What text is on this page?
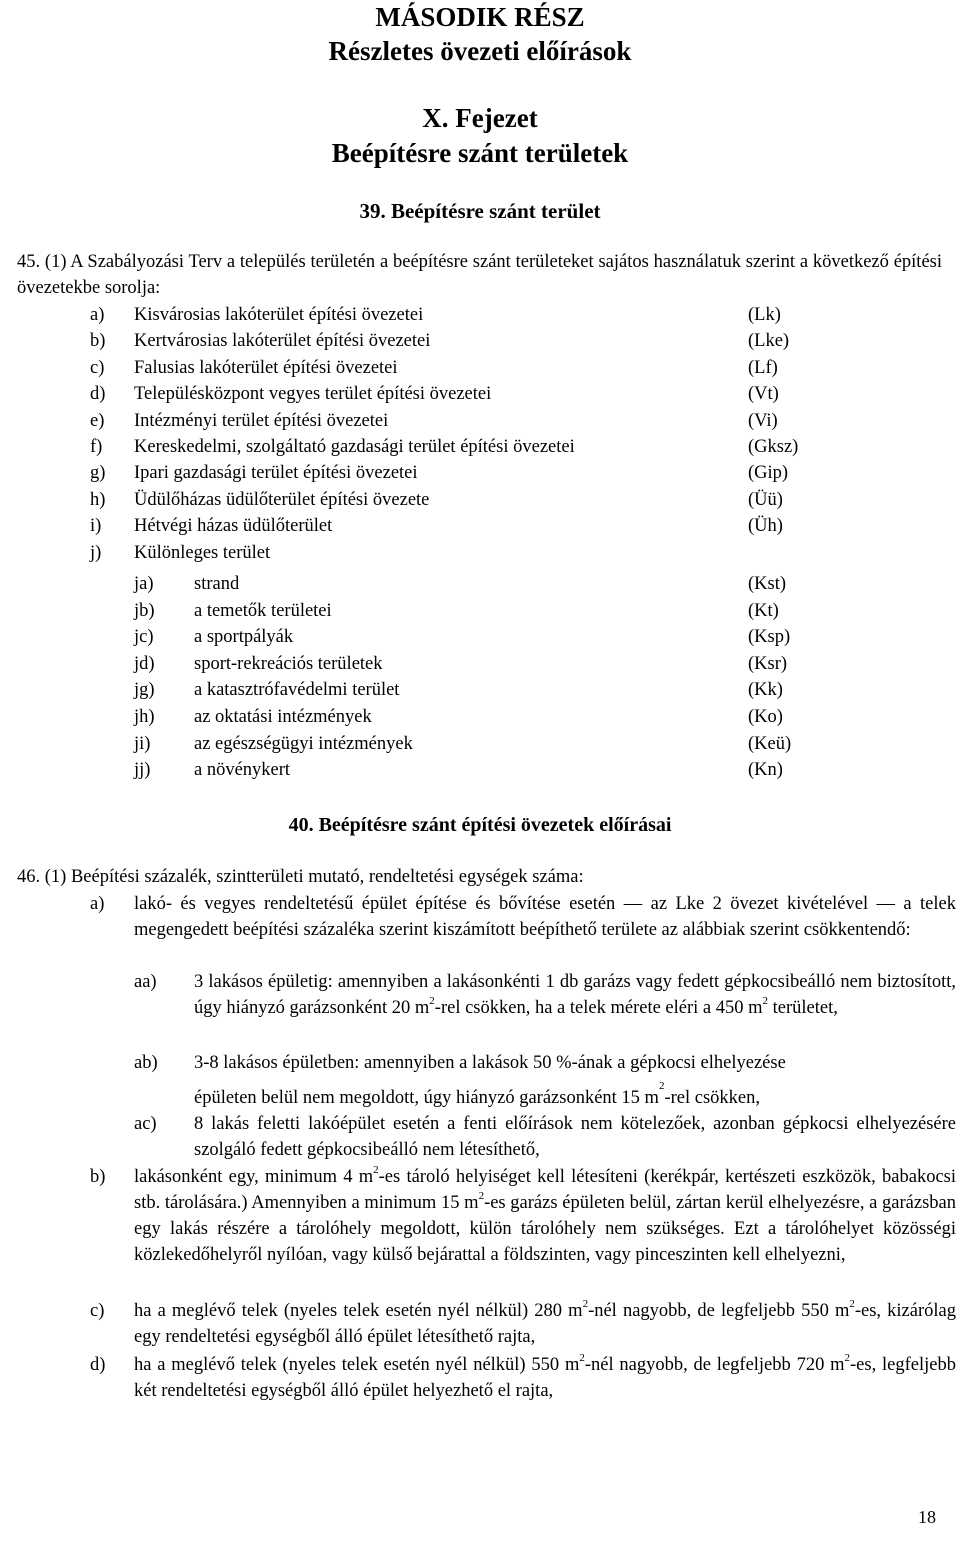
MÁSODIK RÉSZ
Részletes övezeti előírások
X. Fejezet
Beépítésre szánt területek
39. Beépítésre szánt terület
45. (1) A Szabályozási Terv a település területén a beépítésre szánt területeket sajátos használatuk szerint a következő építési övezetekbe sorolja:
a) Kisvárosias lakóterület építési övezetei	(Lk)
b) Kertvárosias lakóterület építési övezetei	(Lke)
c) Falusias lakóterület építési övezetei	(Lf)
d) Településközpont vegyes terület építési övezetei	(Vt)
e) Intézményi terület építési övezetei	(Vi)
f) Kereskedelmi, szolgáltató gazdasági terület építési övezetei	(Gksz)
g) Ipari gazdasági terület építési övezetei	(Gip)
h) Üdülőházas üdülőterület építési övezete	(Üü)
i) Hétvégi házas üdülőterület	(Üh)
j) Különleges terület
ja) strand	(Kst)
jb) a temetők területei	(Kt)
jc) a sportpályák	(Ksp)
jd) sport-rekreációs területek	(Ksr)
jg) a katasztrófavédelmi terület	(Kk)
jh) az oktatási intézmények	(Ko)
ji) az egészségügyi intézmények	(Keü)
jj) a növénykert	(Kn)
40. Beépítésre szánt építési övezetek előírásai
46. (1) Beépítési százalék, szintterületi mutató, rendeltetési egységek száma:
a) lakó- és vegyes rendeltetésű épület építése és bővítése esetén — az Lke 2 övezet kivételével — a telek megengedett beépítési százaléka szerint kiszámított beépíthető területe az alábbiak szerint csökkentendő:
aa) 3 lakásos épületig: amennyiben a lakásonkénti 1 db garázs vagy fedett gépkocsibeálló nem biztosított, úgy hiányzó garázsonként 20 $m^2$-rel csökken, ha a telek mérete eléri a 450 $m^2$ területet,
ab) 3-8 lakásos épületben: amennyiben a lakások 50 %-ának a gépkocsi elhelyezése
épületen belül nem megoldott, úgy hiányzó garázsonként 15 $m^2$-rel csökken,
ac) 8 lakás feletti lakóépület esetén a fenti előírások nem kötelezőek, azonban gépkocsi elhelyezésére szolgáló fedett gépkocsibeálló nem létesíthető,
b) lakásonként egy, minimum 4 $m^2-es$ tároló helyiséget kell létesíteni (kerékpár, kertészeti eszközök, babakocsi stb. tárolására.) Amennyiben a minimum 15 $m^2-es$ garázs épületen belül, zártan kerül elhelyezésre, a garázsban egy lakás részére a tárolóhely megoldott, külön tárolóhely nem szükséges. Ezt a tárolóhelyet közösségi közlekedőhelyről nyílóan, vagy külső bejárattal a földszinten, vagy pinceszinten kell elhelyezni,
c) ha a meglévő telek (nyeles telek esetén nyél nélkül) 280 $m^2$-nél nagyobb, de legfeljebb 550 $m^2-es$, kizárólag egy rendeltetési egységből álló épület létesíthető rajta,
d) ha a meglévő telek (nyeles telek esetén nyél nélkül) 550 $m^2$-nél nagyobb, de legfeljebb 720 $m^2-es$, legfeljebb két rendeltetési egységből álló épület helyezhető el rajta,
18
